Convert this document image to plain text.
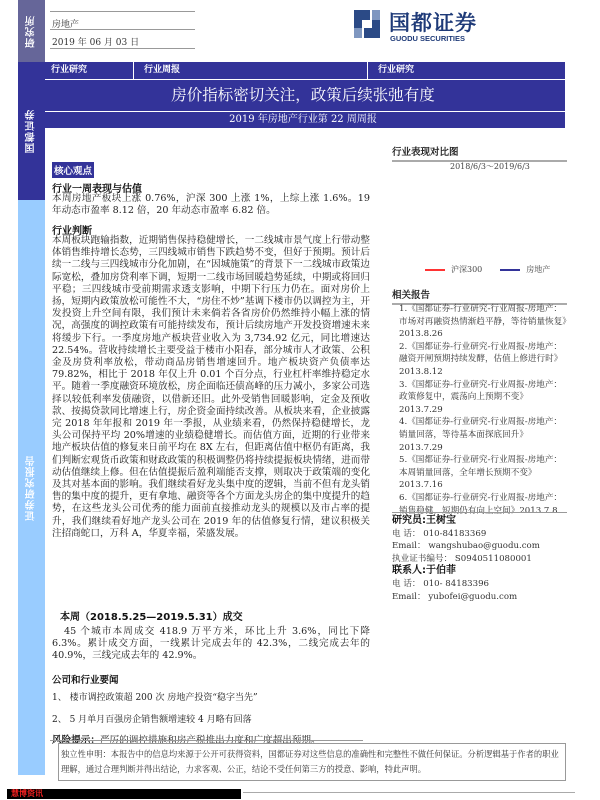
研究所
国都证券
证券研究报告
房地产
2019 年 06 月 03 日
国都证券
GUODU SECURITIES
行业研究	行业周报	行业研究
房价指标密切关注，政策后续张弛有度
2019 年房地产行业第 22 周周报
核心观点
行业一周表现与估值
本周房地产板块上涨 0.76%，沪深 300 上涨 1%，上综上涨 1.6%。19 年动态市盈率 8.12 倍，20 年动态市盈率 6.82 倍。
行业判断
本周板块跑输指数，近期销售保持稳健增长，一二线城市景气度上行带动整体销售维持增长态势，三四线城市销售下跌趋势不变，但好于预期。预计后续一二线与三四线城市分化加剧，在“因城施策”的背景下一二线城市政策边际宽松，叠加房贷利率下调，短期一二线市场回暖趋势延续，中期或将回归平稳；三四线城市受前期需求透支影响，中期下行压力仍在。面对房价上扬，短期内政策放松可能性不大，“房住不炒”基调下楼市仍以调控为主，开发投资上升空间有限，我们预计未来倘若各省房价仍然维持小幅上涨的情况，高强度的调控政策有可能持续发布，预计后续房地产开发投资增速未来将缓步下行。一季度房地产板块营业收入为 3,734.92 亿元，同比增速达 22.54%。营收持续增长主要受益于楼市小阳春，部分城市人才政策、公积金及房贷利率放松，带动商品房销售增速回升。地产板块资产负债率达 79.82%，相比于 2018 年仅上升 0.01 个百分点，行业杠杆率维持稳定水平。随着一季度融资环境放松，房企面临还债高峰的压力减小，多家公司选择以较低利率发债融资，以借新还旧。此外受销售回暖影响，定金及预收款、按揭贷款同比增速上行，房企资金面持续改善。从板块来看，企业披露完 2018 年年报和 2019 年一季报，从业绩来看，仍然保持稳健增长，龙头公司保持平均 20%增速的业绩稳健增长。而估值方面，近期的行业带来地产板块估值的修复来日前平均在 8X 左右，但距离估值中枢仍有距离，我们判断宏观货币政策和财政政策的积极调整仍将持续提振板块情绪，进而带动估值继续上修。但在估值提振后盈利端能否支撑，则取决于政策端的变化及其对基本面的影响。我们继续看好龙头集中度的逻辑，当前不但有龙头销售的集中度的提升，更有拿地、融资等各个方面龙头房企的集中度提升的趋势，在这些龙头公司优秀的能力面前直接推动龙头的规模以及市占率的提升，我们继续看好地产龙头公司在 2019 年的估值修复行情，建议积极关注招商蛇口，万科 A，华夏幸福，荣盛发展。
本周（2018.5.25—2019.5.31）成交
45 个城市本周成交 418.9 万平方米，环比上升 3.6%，同比下降 6.3%。累计成交方面，一线累计完成去年的 42.3%，二线完成去年的 40.9%，三线完成去年的 42.9%。
公司和行业要闻
1、 楼市调控政策超 200 次 房地产投资“稳字当先”
2、 5 月单月百强房企销售额增速较 4 月略有回落
风险提示：严厉的调控措施和房产税推出力度和广度超出预期。
行业表现对比图
2018/6/3～2019/6/3
沪深300	房地产
相关报告
1.《国都证券-行业研究-行业周报-房地产：市场对再融资热情渐趋平静，等待销量恢复》2013.8.26
2.《国都证券-行业研究-行业周报-房地产：融资开闸预期持续发酵，估值上修进行时》2013.8.12
3.《国都证券-行业研究-行业周报-房地产：政策修复中，震荡向上预期不变》2013.7.29
4.《国都证券-行业研究-行业周报-房地产：销量回落，等待基本面探底回升》2013.7.29
5.《国都证券-行业研究-行业周报-房地产：本周销量回落，全年增长预期不变》2013.7.16
6.《国都证券-行业研究-行业周报-房地产：销售稳健，短期仍有向上空间》2013.7.8
研究员:王树宝
电 话： 010-84183369
Email： wangshubao@guodu.com
执业证书编号： S0940511080001
联系人:于伯菲
电 话： 010- 84183396
Email： yubofei@guodu.com
独立性申明：本报告中的信息均来源于公开可获得资料，国都证券对这些信息的准确性和完整性不做任何保证。分析逻辑基于作者的职业理解，通过合理判断并得出结论，力求客观、公正，结论不受任何第三方的授意、影响，特此声明。
慧博资讯
